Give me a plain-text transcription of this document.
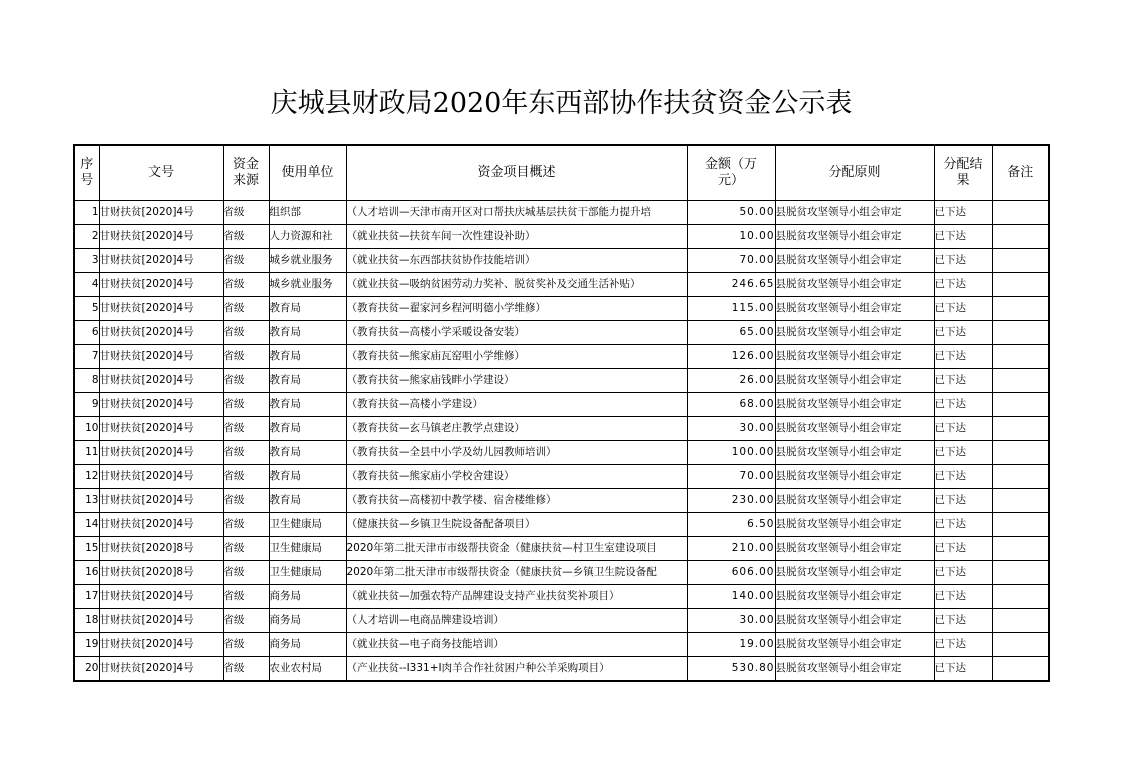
庆城县财政局2020年东西部协作扶贫资金公示表
序号	文号	资金来源	使用单位	资金项目概述	金额（万元）	分配原则	分配结果	备注
1	甘财扶贫[2020]4号	省级	组织部	（人才培训—天津市南开区对口帮扶庆城基层扶贫干部能力提升培	50.00	县脱贫攻坚领导小组会审定	已下达	
2	甘财扶贫[2020]4号	省级	人力资源和社	（就业扶贫—扶贫车间一次性建设补助）	10.00	县脱贫攻坚领导小组会审定	已下达	
3	甘财扶贫[2020]4号	省级	城乡就业服务	（就业扶贫—东西部扶贫协作技能培训）	70.00	县脱贫攻坚领导小组会审定	已下达	
4	甘财扶贫[2020]4号	省级	城乡就业服务	（就业扶贫—吸纳贫困劳动力奖补、脱贫奖补及交通生活补贴）	246.65	县脱贫攻坚领导小组会审定	已下达	
5	甘财扶贫[2020]4号	省级	教育局	（教育扶贫—翟家河乡程河明德小学维修）	115.00	县脱贫攻坚领导小组会审定	已下达	
6	甘财扶贫[2020]4号	省级	教育局	（教育扶贫—高楼小学采暖设备安装）	65.00	县脱贫攻坚领导小组会审定	已下达	
7	甘财扶贫[2020]4号	省级	教育局	（教育扶贫—熊家庙瓦窑咀小学维修）	126.00	县脱贫攻坚领导小组会审定	已下达	
8	甘财扶贫[2020]4号	省级	教育局	（教育扶贫—熊家庙钱畔小学建设）	26.00	县脱贫攻坚领导小组会审定	已下达	
9	甘财扶贫[2020]4号	省级	教育局	（教育扶贫—高楼小学建设）	68.00	县脱贫攻坚领导小组会审定	已下达	
10	甘财扶贫[2020]4号	省级	教育局	（教育扶贫—玄马镇老庄教学点建设）	30.00	县脱贫攻坚领导小组会审定	已下达	
11	甘财扶贫[2020]4号	省级	教育局	（教育扶贫—全县中小学及幼儿园教师培训）	100.00	县脱贫攻坚领导小组会审定	已下达	
12	甘财扶贫[2020]4号	省级	教育局	（教育扶贫—熊家庙小学校舍建设）	70.00	县脱贫攻坚领导小组会审定	已下达	
13	甘财扶贫[2020]4号	省级	教育局	（教育扶贫—高楼初中教学楼、宿舍楼维修）	230.00	县脱贫攻坚领导小组会审定	已下达	
14	甘财扶贫[2020]4号	省级	卫生健康局	（健康扶贫—乡镇卫生院设备配备项目）	6.50	县脱贫攻坚领导小组会审定	已下达	
15	甘财扶贫[2020]8号	省级	卫生健康局	2020年第二批天津市市级帮扶资金（健康扶贫—村卫生室建设项目	210.00	县脱贫攻坚领导小组会审定	已下达	
16	甘财扶贫[2020]8号	省级	卫生健康局	2020年第二批天津市市级帮扶资金（健康扶贫—乡镇卫生院设备配	606.00	县脱贫攻坚领导小组会审定	已下达	
17	甘财扶贫[2020]4号	省级	商务局	（就业扶贫—加强农特产品牌建设支持产业扶贫奖补项目）	140.00	县脱贫攻坚领导小组会审定	已下达	
18	甘财扶贫[2020]4号	省级	商务局	（人才培训—电商品牌建设培训）	30.00	县脱贫攻坚领导小组会审定	已下达	
19	甘财扶贫[2020]4号	省级	商务局	（就业扶贫—电子商务技能培训）	19.00	县脱贫攻坚领导小组会审定	已下达	
20	甘财扶贫[2020]4号	省级	农业农村局	（产业扶贫--I331+I肉羊合作社贫困户种公羊采购项目）	530.80	县脱贫攻坚领导小组会审定	已下达	
